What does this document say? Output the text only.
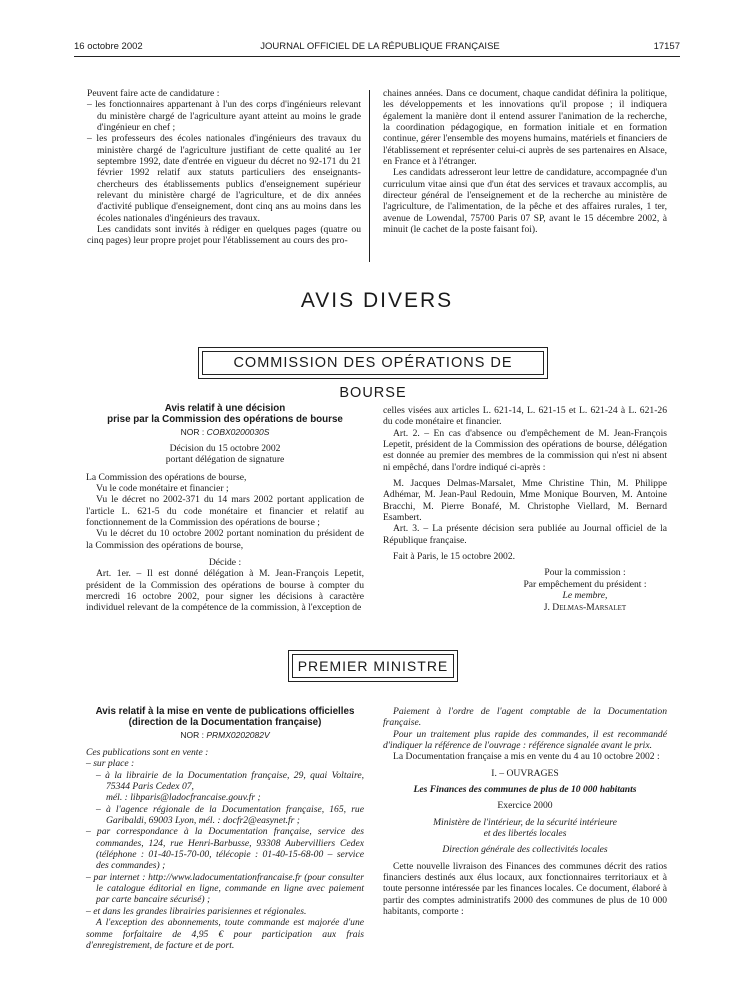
16 octobre 2002	JOURNAL OFFICIEL DE LA RÉPUBLIQUE FRANÇAISE	17157

Peuvent faire acte de candidature :

– les fonctionnaires appartenant à l'un des corps d'ingénieurs relevant du ministère chargé de l'agriculture ayant atteint au moins le grade d'ingénieur en chef ;

– les professeurs des écoles nationales d'ingénieurs des travaux du ministère chargé de l'agriculture justifiant de cette qualité au 1er septembre 1992, date d'entrée en vigueur du décret no 92-171 du 21 février 1992 relatif aux statuts particuliers des enseignants-chercheurs des établissements publics d'enseignement supérieur relevant du ministère chargé de l'agriculture, et de dix années d'activité publique d'enseignement, dont cinq ans au moins dans les écoles nationales d'ingénieurs des travaux.

Les candidats sont invités à rédiger en quelques pages (quatre ou cinq pages) leur propre projet pour l'établissement au cours des pro-

chaines années. Dans ce document, chaque candidat définira la politique, les développements et les innovations qu'il propose ; il indiquera également la manière dont il entend assurer l'animation de la recherche, la coordination pédagogique, en formation initiale et en formation continue, gérer l'ensemble des moyens humains, matériels et financiers de l'établissement et représenter celui-ci auprès de ses partenaires en Alsace, en France et à l'étranger.

Les candidats adresseront leur lettre de candidature, accompagnée d'un curriculum vitae ainsi que d'un état des services et travaux accomplis, au directeur général de l'enseignement et de la recherche au ministère de l'agriculture, de l'alimentation, de la pêche et des affaires rurales, 1 ter, avenue de Lowendal, 75700 Paris 07 SP, avant le 15 décembre 2002, à minuit (le cachet de la poste faisant foi).

AVIS DIVERS
COMMISSION DES OPÉRATIONS DE BOURSE
Avis relatif à une décision
prise par la Commission des opérations de bourse
NOR : COBX0200030S
Décision du 15 octobre 2002
portant délégation de signature

La Commission des opérations de bourse,

Vu le code monétaire et financier ;

Vu le décret no 2002-371 du 14 mars 2002 portant application de l'article L. 621-5 du code monétaire et financier et relatif au fonctionnement de la Commission des opérations de bourse ;

Vu le décret du 10 octobre 2002 portant nomination du président de la Commission des opérations de bourse,

Décide :

Art. 1er. – Il est donné délégation à M. Jean-François Lepetit, président de la Commission des opérations de bourse à compter du mercredi 16 octobre 2002, pour signer les décisions à caractère individuel relevant de la compétence de la commission, à l'exception de

celles visées aux articles L. 621-14, L. 621-15 et L. 621-24 à L. 621-26 du code monétaire et financier.

Art. 2. – En cas d'absence ou d'empêchement de M. Jean-François Lepetit, président de la Commission des opérations de bourse, délégation est donnée au premier des membres de la commission qui n'est ni absent ni empêché, dans l'ordre indiqué ci-après :

M. Jacques Delmas-Marsalet, Mme Christine Thin, M. Philippe Adhémar, M. Jean-Paul Redouin, Mme Monique Bourven, M. Antoine Bracchi, M. Pierre Bonafé, M. Christophe Viellard, M. Bernard Esambert.

Art. 3. – La présente décision sera publiée au Journal officiel de la République française.

Fait à Paris, le 15 octobre 2002.

Pour la commission :

Par empêchement du président :

Le membre,

J. Delmas-Marsalet

PREMIER MINISTRE
Avis relatif à la mise en vente de publications officielles
(direction de la Documentation française)
NOR : PRMX0202082V

Ces publications sont en vente :

– sur place :

– à la librairie de la Documentation française, 29, quai Voltaire, 75344 Paris Cedex 07,

mél. : libparis@ladocfrancaise.gouv.fr ;

– à l'agence régionale de la Documentation française, 165, rue Garibaldi, 69003 Lyon, mél. : docfr2@easynet.fr ;

– par correspondance à la Documentation française, service des commandes, 124, rue Henri-Barbusse, 93308 Aubervilliers Cedex (téléphone : 01-40-15-70-00, télécopie : 01-40-15-68-00 – service des commandes) ;

– par internet : http://www.ladocumentationfrancaise.fr (pour consulter le catalogue éditorial en ligne, commande en ligne avec paiement par carte bancaire sécurisé) ;

– et dans les grandes librairies parisiennes et régionales.

A l'exception des abonnements, toute commande est majorée d'une somme forfaitaire de 4,95 € pour participation aux frais d'enregistrement, de facture et de port.

Paiement à l'ordre de l'agent comptable de la Documentation française.

Pour un traitement plus rapide des commandes, il est recommandé d'indiquer la référence de l'ouvrage : référence signalée avant le prix.

La Documentation française a mis en vente du 4 au 10 octobre 2002 :

I. – OUVRAGES

Les Finances des communes de plus de 10 000 habitants

Exercice 2000

Ministère de l'intérieur, de la sécurité intérieure

et des libertés locales

Direction générale des collectivités locales

Cette nouvelle livraison des Finances des communes décrit des ratios financiers destinés aux élus locaux, aux fonctionnaires territoriaux et à toute personne intéressée par les finances locales. Ce document, élaboré à partir des comptes administratifs 2000 des communes de plus de 10 000 habitants, comporte :
